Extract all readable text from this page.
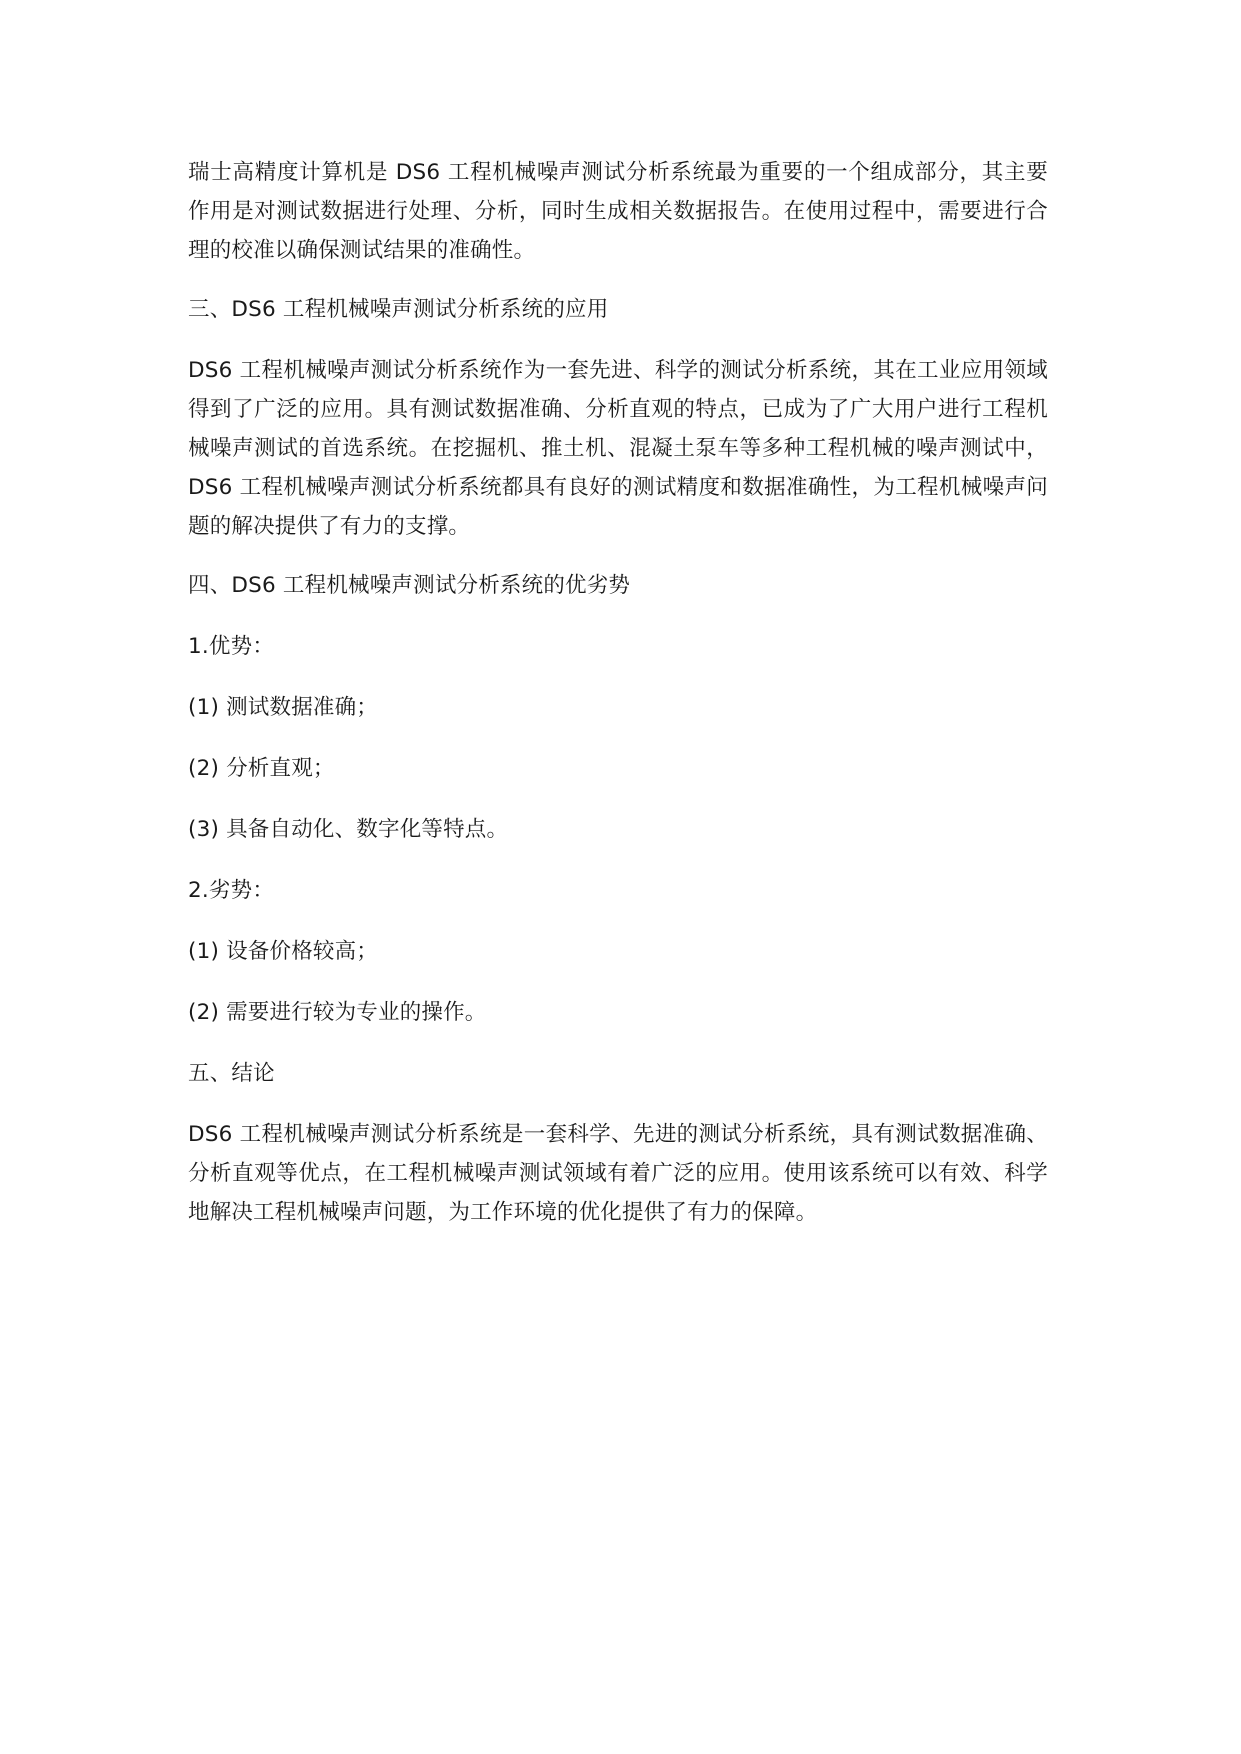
瑞士高精度计算机是 DS6 工程机械噪声测试分析系统最为重要的一个组成部分，其主要作用是对测试数据进行处理、分析，同时生成相关数据报告。在使用过程中，需要进行合理的校准以确保测试结果的准确性。

三、DS6 工程机械噪声测试分析系统的应用

DS6 工程机械噪声测试分析系统作为一套先进、科学的测试分析系统，其在工业应用领域得到了广泛的应用。具有测试数据准确、分析直观的特点，已成为了广大用户进行工程机械噪声测试的首选系统。在挖掘机、推土机、混凝土泵车等多种工程机械的噪声测试中，DS6 工程机械噪声测试分析系统都具有良好的测试精度和数据准确性，为工程机械噪声问题的解决提供了有力的支撑。

四、DS6 工程机械噪声测试分析系统的优劣势

1.优势：

(1) 测试数据准确；

(2) 分析直观；

(3) 具备自动化、数字化等特点。

2.劣势：

(1) 设备价格较高；

(2) 需要进行较为专业的操作。

五、结论

DS6 工程机械噪声测试分析系统是一套科学、先进的测试分析系统，具有测试数据准确、分析直观等优点，在工程机械噪声测试领域有着广泛的应用。使用该系统可以有效、科学地解决工程机械噪声问题，为工作环境的优化提供了有力的保障。
